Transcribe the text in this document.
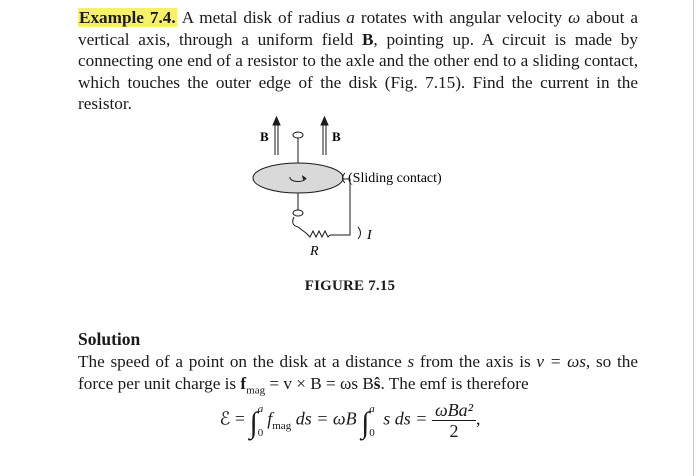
Example 7.4. A metal disk of radius a rotates with angular velocity ω about a vertical axis, through a uniform field B, pointing up. A circuit is made by connecting one end of a resistor to the axle and the other end to a sliding contact, which touches the outer edge of the disk (Fig. 7.15). Find the current in the resistor.
B	B
(Sliding contact)
R
I
FIGURE 7.15
Solution
The speed of a point on the disk at a distance s from the axis is v = ωs, so the force per unit charge is $f_{mag} = v \times B = \omega s$ Bŝ. The emf is therefore
ℰ = ∫ a
0
$f_{mag}$ ds = ωB ∫ a
0
s ds = $\frac{\text{ωBa²}}{2}$ ,
